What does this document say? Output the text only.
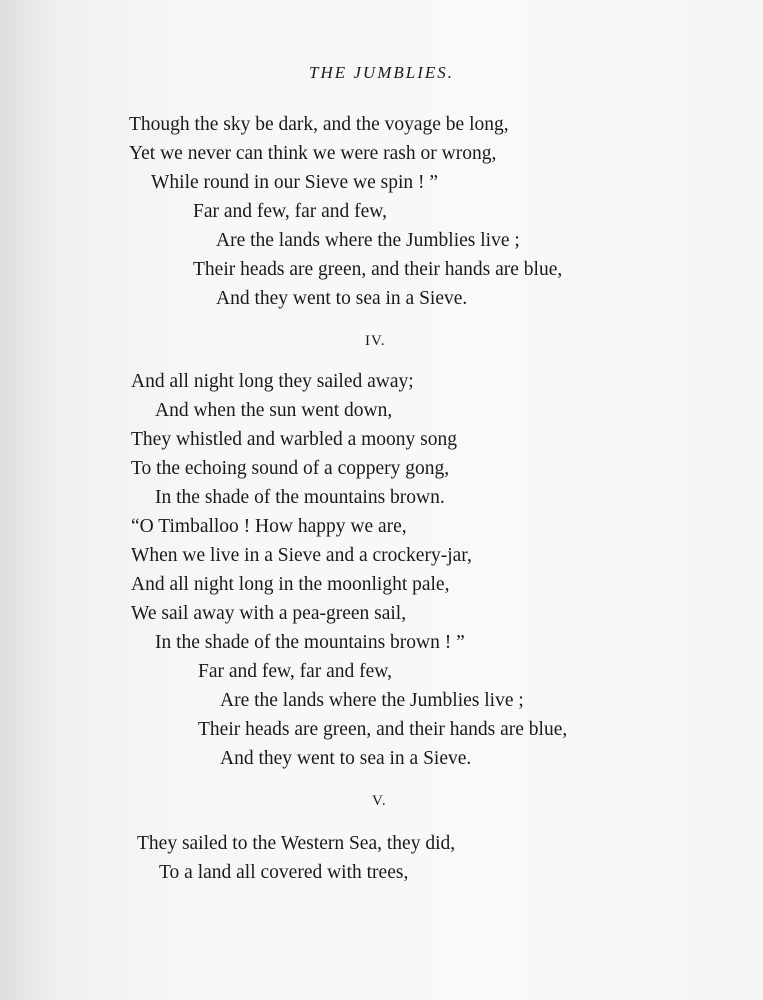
THE JUMBLIES.
Though the sky be dark, and the voyage be long,
Yet we never can think we were rash or wrong,
While round in our Sieve we spin ! ”
Far and few, far and few,
Are the lands where the Jumblies live ;
Their heads are green, and their hands are blue,
And they went to sea in a Sieve.
IV.
And all night long they sailed away;
And when the sun went down,
They whistled and warbled a moony song
To the echoing sound of a coppery gong,
In the shade of the mountains brown.
“O Timballoo ! How happy we are,
When we live in a Sieve and a crockery-jar,
And all night long in the moonlight pale,
We sail away with a pea-green sail,
In the shade of the mountains brown ! ”
Far and few, far and few,
Are the lands where the Jumblies live ;
Their heads are green, and their hands are blue,
And they went to sea in a Sieve.
V.
They sailed to the Western Sea, they did,
To a land all covered with trees,
